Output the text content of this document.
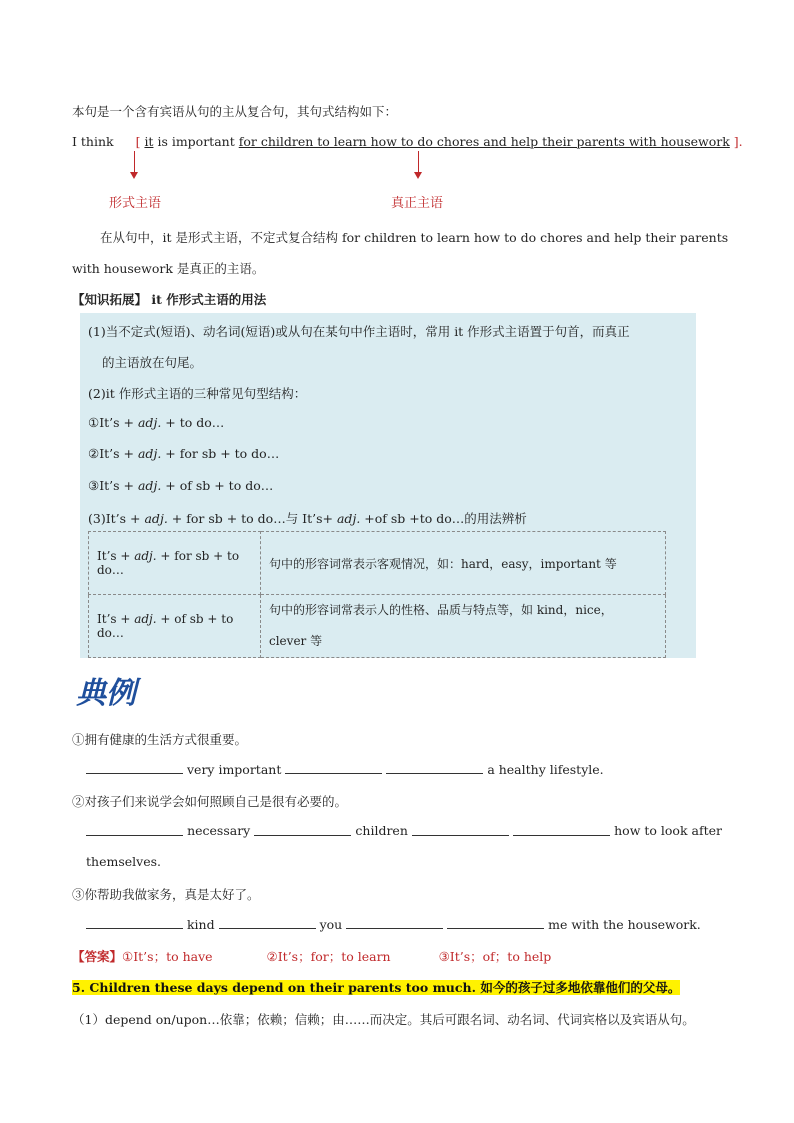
本句是一个含有宾语从句的主从复合句，其句式结构如下：
I think [ it is important for children to learn how to do chores and help their parents with housework ].
形式主语	真正主语
在从句中，it 是形式主语，不定式复合结构 for children to learn how to do chores and help their parents
with housework 是真正的主语。
【知识拓展】 it 作形式主语的用法
(1)当不定式(短语)、动名词(短语)或从句在某句中作主语时，常用 it 作形式主语置于句首，而真正
的主语放在句尾。
(2)it 作形式主语的三种常见句型结构：
①It’s + adj. + to do…
②It’s + adj. + for sb + to do…
③It’s + adj. + of sb + to do…
(3)It’s + adj. + for sb + to do…与 It’s+ adj. +of sb +to do…的用法辨析
It’s + adj. + for sb + to do…	句中的形容词常表示客观情况，如：hard，easy，important 等
It’s + adj. + of sb + to do…	句中的形容词常表示人的性格、品质与特点等，如 kind，nice，
clever 等
典例
①拥有健康的生活方式很重要。
very important	a healthy lifestyle.
②对孩子们来说学会如何照顾自己是很有必要的。
necessary	children	how to look after
themselves.
③你帮助我做家务，真是太好了。
kind	you	me with the housework.
【答案】①It’s；to have	②It’s；for；to learn	③It’s；of；to help
5. Children these days depend on their parents too much. 如今的孩子过多地依靠他们的父母。
（1）depend on/upon…依靠；依赖；信赖；由……而决定。其后可跟名词、动名词、代词宾格以及宾语从句。
